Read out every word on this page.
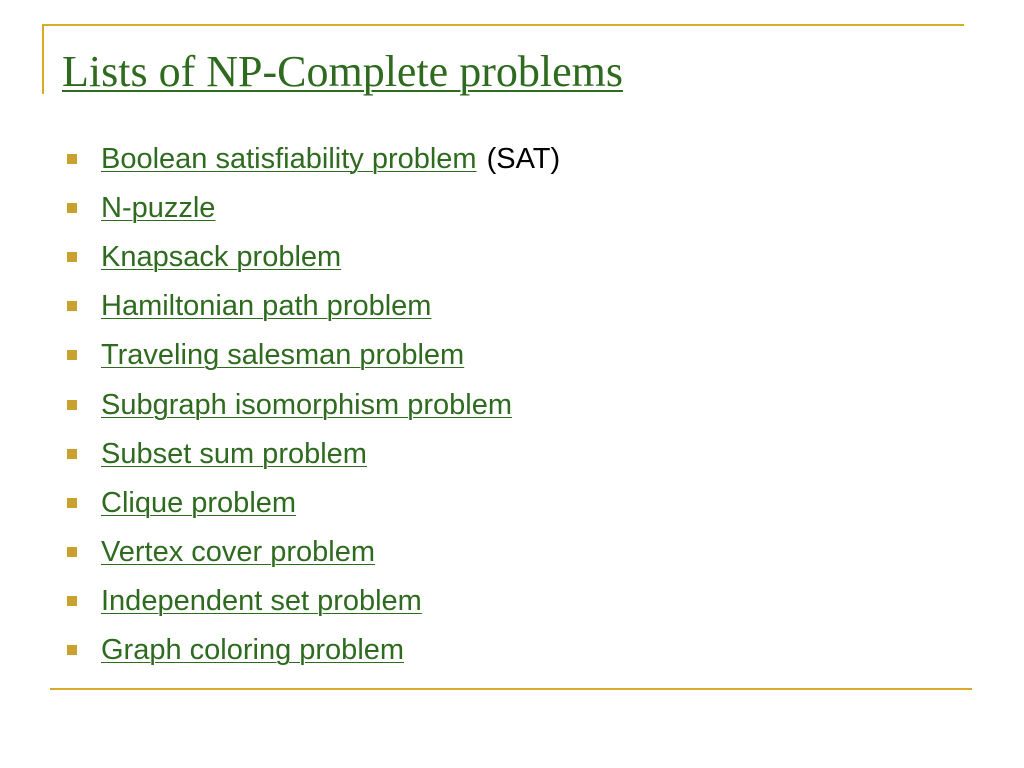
Lists of NP-Complete problems
Boolean satisfiability problem (SAT)
N-puzzle
Knapsack problem
Hamiltonian path problem
Traveling salesman problem
Subgraph isomorphism problem
Subset sum problem
Clique problem
Vertex cover problem
Independent set problem
Graph coloring problem
